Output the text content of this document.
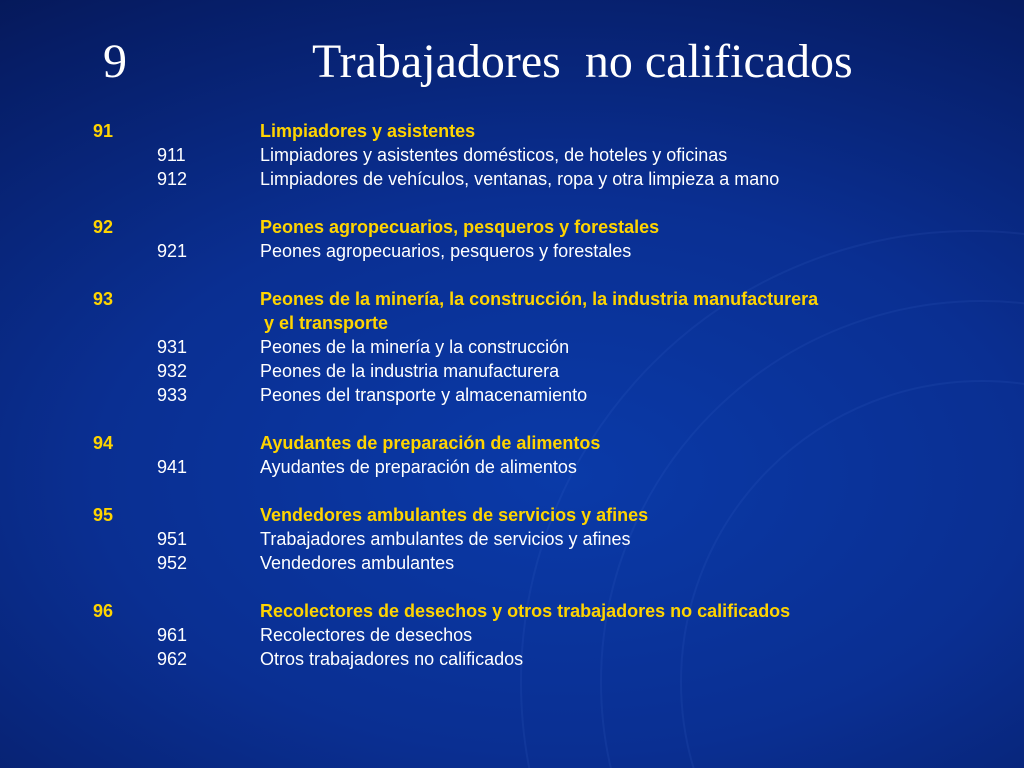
9

	Trabajadores  no calificados

91	Limpiadores y asistentes
911	Limpiadores y asistentes domésticos, de hoteles y oficinas
912	Limpiadores de vehículos, ventanas, ropa y otra limpieza a mano
92	Peones agropecuarios, pesqueros y forestales
921	Peones agropecuarios, pesqueros y forestales
93	Peones de la minería, la construcción, la industria manufacturera
y el transporte
931	Peones de la minería y la construcción
932	Peones de la industria manufacturera
933	Peones del transporte y almacenamiento
94	Ayudantes de preparación de alimentos
941	Ayudantes de preparación de alimentos
95	Vendedores ambulantes de servicios y afines
951	Trabajadores ambulantes de servicios y afines
952	Vendedores ambulantes
96	Recolectores de desechos y otros trabajadores no calificados
961	Recolectores de desechos
962	Otros trabajadores no calificados
